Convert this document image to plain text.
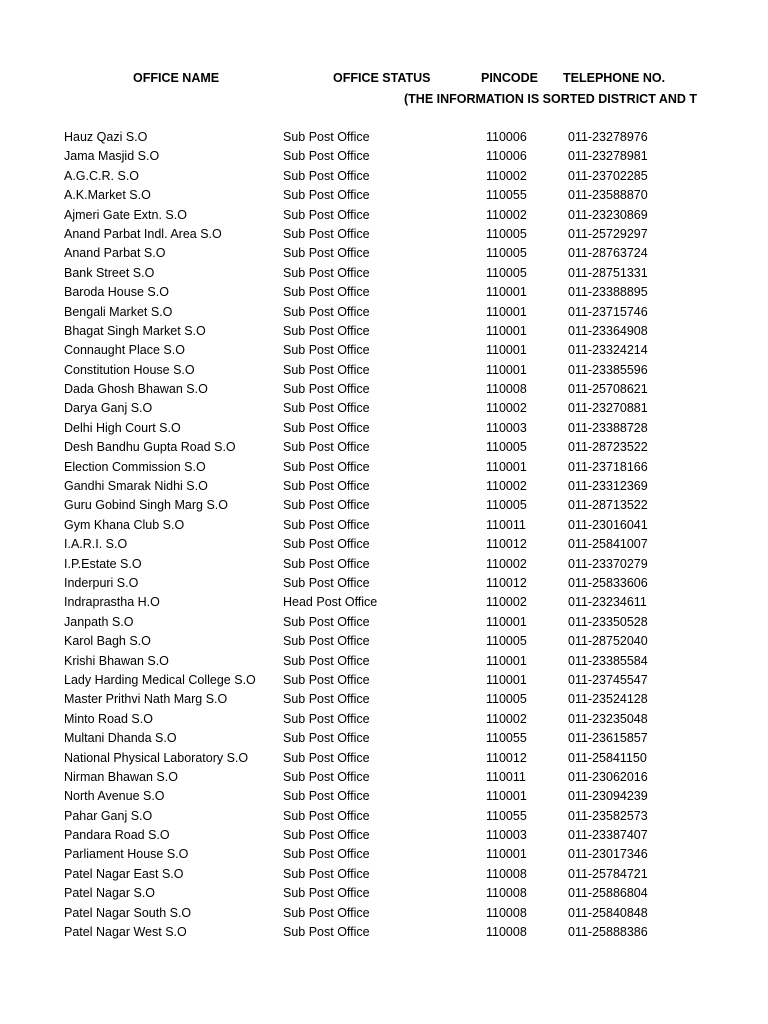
OFFICE NAME	OFFICE STATUS	PINCODE TELEPHONE NO.
(THE INFORMATION IS SORTED DISTRICT AND T
Hauz Qazi S.O	Sub Post Office	110006	011-23278976
Jama Masjid S.O	Sub Post Office	110006	011-23278981
A.G.C.R. S.O	Sub Post Office	110002	011-23702285
A.K.Market S.O	Sub Post Office	110055	011-23588870
Ajmeri Gate Extn. S.O	Sub Post Office	110002	011-23230869
Anand Parbat Indl. Area S.O	Sub Post Office	110005	011-25729297
Anand Parbat S.O	Sub Post Office	110005	011-28763724
Bank Street S.O	Sub Post Office	110005	011-28751331
Baroda House S.O	Sub Post Office	110001	011-23388895
Bengali Market S.O	Sub Post Office	110001	011-23715746
Bhagat Singh Market S.O	Sub Post Office	110001	011-23364908
Connaught Place S.O	Sub Post Office	110001	011-23324214
Constitution House S.O	Sub Post Office	110001	011-23385596
Dada Ghosh Bhawan S.O	Sub Post Office	110008	011-25708621
Darya Ganj S.O	Sub Post Office	110002	011-23270881
Delhi High Court S.O	Sub Post Office	110003	011-23388728
Desh Bandhu Gupta Road S.O	Sub Post Office	110005	011-28723522
Election Commission S.O	Sub Post Office	110001	011-23718166
Gandhi Smarak Nidhi S.O	Sub Post Office	110002	011-23312369
Guru Gobind Singh Marg S.O	Sub Post Office	110005	011-28713522
Gym Khana Club S.O	Sub Post Office	110011	011-23016041
I.A.R.I. S.O	Sub Post Office	110012	011-25841007
I.P.Estate S.O	Sub Post Office	110002	011-23370279
Inderpuri S.O	Sub Post Office	110012	011-25833606
Indraprastha H.O	Head Post Office	110002	011-23234611
Janpath S.O	Sub Post Office	110001	011-23350528
Karol Bagh S.O	Sub Post Office	110005	011-28752040
Krishi Bhawan S.O	Sub Post Office	110001	011-23385584
Lady Harding Medical College S.O Sub Post Office	110001	011-23745547
Master Prithvi Nath Marg S.O	Sub Post Office	110005	011-23524128
Minto Road S.O	Sub Post Office	110002	011-23235048
Multani Dhanda S.O	Sub Post Office	110055	011-23615857
National Physical Laboratory S.O	Sub Post Office	110012	011-25841150
Nirman Bhawan S.O	Sub Post Office	110011	011-23062016
North Avenue S.O	Sub Post Office	110001	011-23094239
Pahar Ganj S.O	Sub Post Office	110055	011-23582573
Pandara Road S.O	Sub Post Office	110003	011-23387407
Parliament House S.O	Sub Post Office	110001	011-23017346
Patel Nagar East S.O	Sub Post Office	110008	011-25784721
Patel Nagar S.O	Sub Post Office	110008	011-25886804
Patel Nagar South S.O	Sub Post Office	110008	011-25840848
Patel Nagar West S.O	Sub Post Office	110008	011-25888386
